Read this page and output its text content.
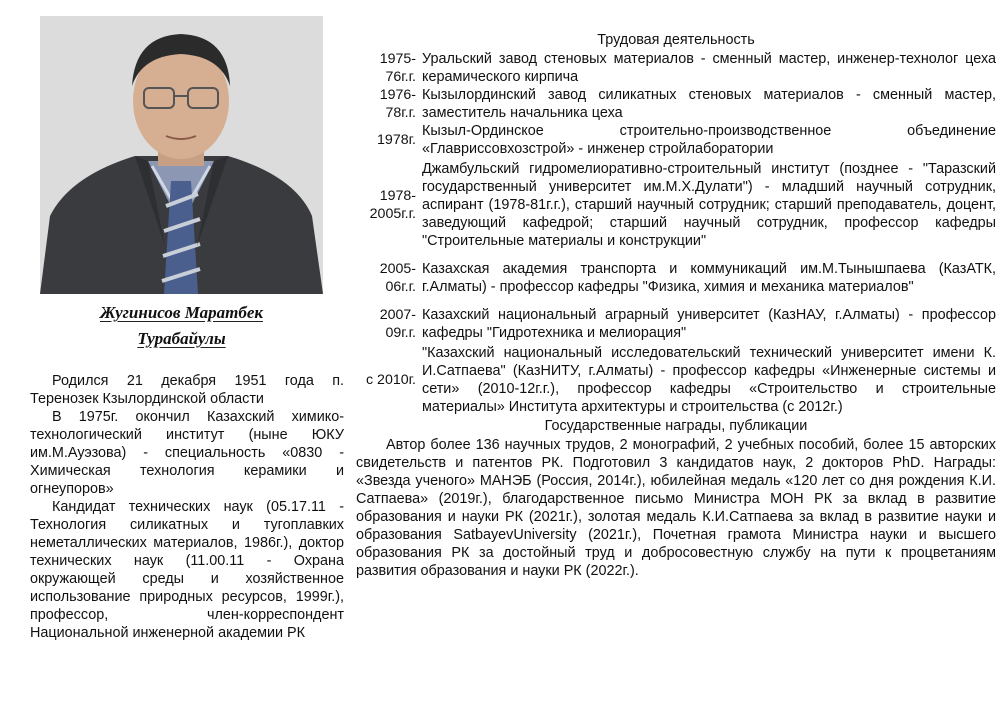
Жугинисов Маратбек
Турабайулы

Родился 21 декабря 1951 года п. Теренозек Кзылординской области

В 1975г. окончил Казахский химико-технологический институт (ныне ЮКУ им.М.Ауэзова) - специальность «0830 - Химическая технология керамики и огнеупоров»

Кандидат технических наук (05.17.11 - Технология силикатных и тугоплавких неметаллических материалов, 1986г.), доктор технических наук (11.00.11 - Охрана окружающей среды и хозяйственное использование природных ресурсов, 1999г.), профессор, член-корреспондент Национальной инженерной академии РК

Трудовая деятельность
1975-76г.г.
Уральский завод стеновых материалов - сменный мастер, инженер-технолог цеха керамического кирпича
1976-78г.г.
Кызылординский завод силикатных стеновых материалов - сменный мастер, заместитель начальника цеха
1978г.
Кызыл-Ординское строительно-производственное объединение «Главриссовхозстрой» - инженер стройлаборатории
1978-2005г.г.
Джамбульский гидромелиоративно-строительный институт (позднее - "Таразский государственный университет им.М.Х.Дулати") - младший научный сотрудник, аспирант (1978-81г.г.), старший научный сотрудник; старший преподаватель, доцент, заведующий кафедрой; старший научный сотрудник, профессор кафедры "Строительные материалы и конструкции"
2005-06г.г.
Казахская академия транспорта и коммуникаций им.М.Тынышпаева (КазАТК, г.Алматы) - профессор кафедры "Физика, химия и механика материалов"
2007-09г.г.
Казахский национальный аграрный университет (КазНАУ, г.Алматы) - профессор кафедры "Гидротехника и мелиорация"
с 2010г.
"Казахский национальный исследовательский технический университет имени К. И.Сатпаева" (КазНИТУ, г.Алматы) - профессор кафедры «Инженерные системы и сети» (2010-12г.г.), профессор кафедры «Строительство и строительные материалы» Института архитектуры и строительства (с 2012г.)
Государственные награды, публикации
Автор более 136 научных трудов, 2 монографий, 2 учебных пособий, более 15 авторских свидетельств и патентов РК. Подготовил 3 кандидатов наук, 2 докторов PhD. Награды: «Звезда ученого» МАНЭБ (Россия, 2014г.), юбилейная медаль «120 лет со дня рождения К.И. Сатпаева» (2019г.), благодарственное письмо Министра МОН РК за вклад в развитие образования и науки РК (2021г.), золотая медаль К.И.Сатпаева за вклад в развитие науки и образования SatbayevUniversity (2021г.), Почетная грамота Министра науки и высшего образования РК за достойный труд и добросовестную службу на пути к процветаниям развития образования и науки РК (2022г.).
